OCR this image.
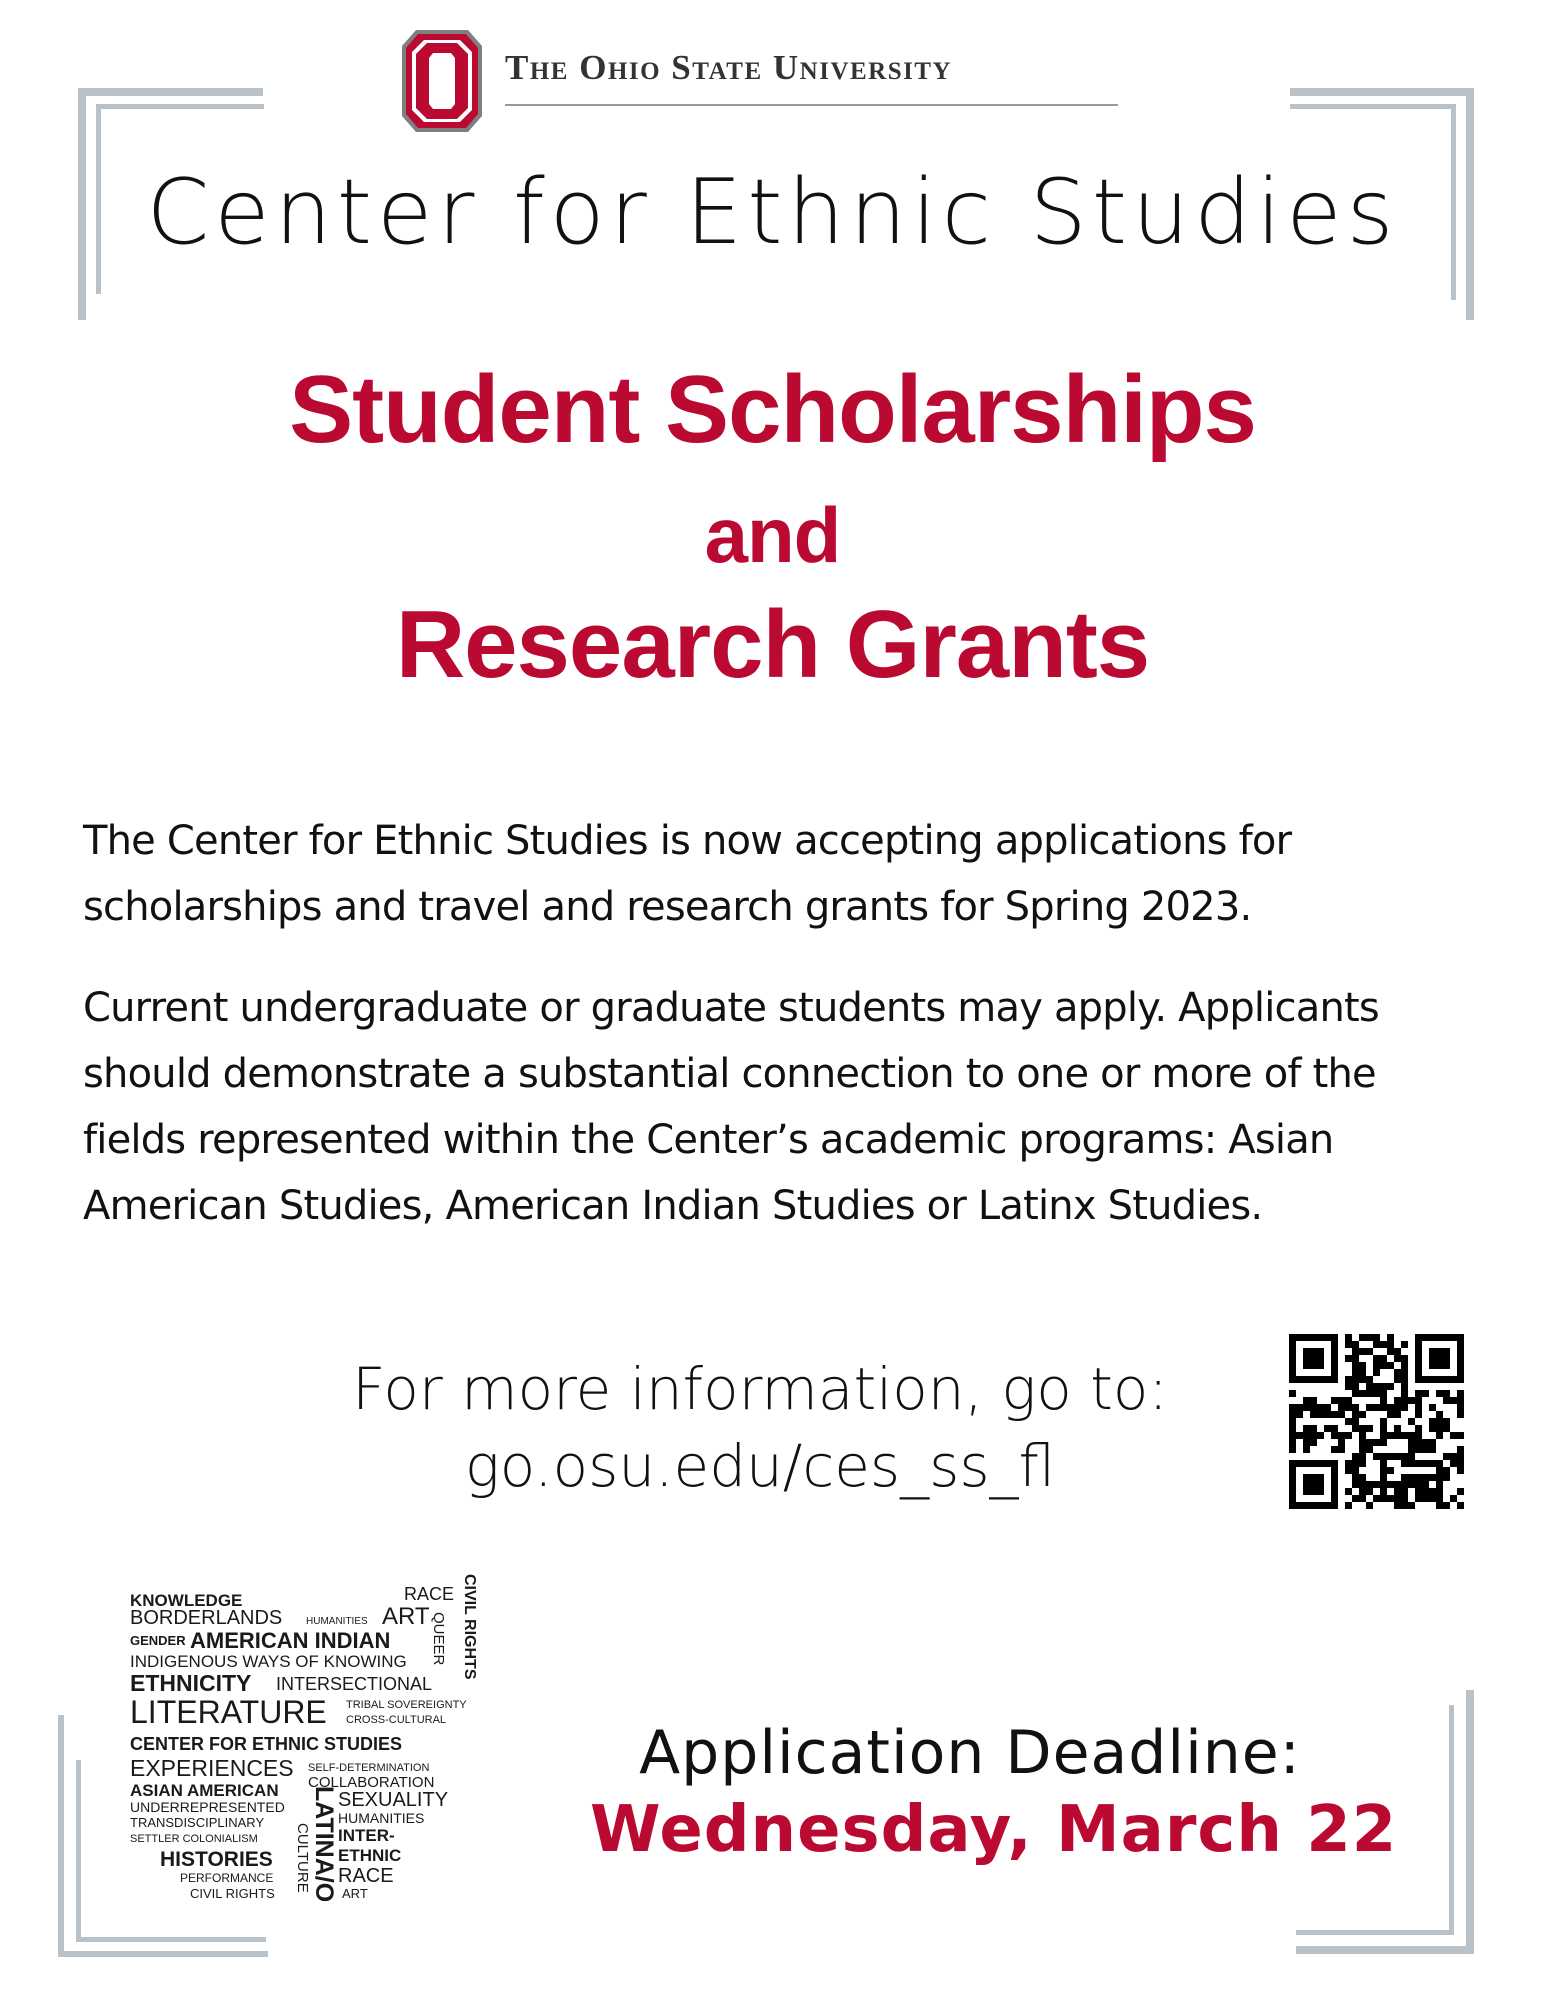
The Ohio State University
Center for Ethnic Studies
Student Scholarships
and
Research Grants
The Center for Ethnic Studies is now accepting applications for scholarships and travel and research grants for Spring 2023.
Current undergraduate or graduate students may apply. Applicants should demonstrate a substantial connection to one or more of the fields represented within the Center’s academic programs: Asian American Studies, American Indian Studies or Latinx Studies.
For more information, go to:
go.osu.edu/ces_ss_fl
KNOWLEDGE	RACE
BORDERLANDS HUMANITIES ART
GENDER AMERICAN INDIAN
INDIGENOUS WAYS OF KNOWING
ETHNICITY INTERSECTIONAL
LITERATURE TRIBAL SOVEREIGNTY
CROSS-CULTURAL
CENTER FOR ETHNIC STUDIES
EXPERIENCES SELF-DETERMINATION
ASIAN AMERICAN COLLABORATION
SEXUALITY
UNDERREPRESENTED
HUMANITIES
TRANSDISCIPLINARY
INTER-
SETTLER COLONIALISM
ETHNIC
HISTORIES
RACE
PERFORMANCE
ART
CIVIL RIGHTS
CIVIL RIGHTS
QUEER
LATINA/O
CULTURE
Application Deadline:
Wednesday, March 22
